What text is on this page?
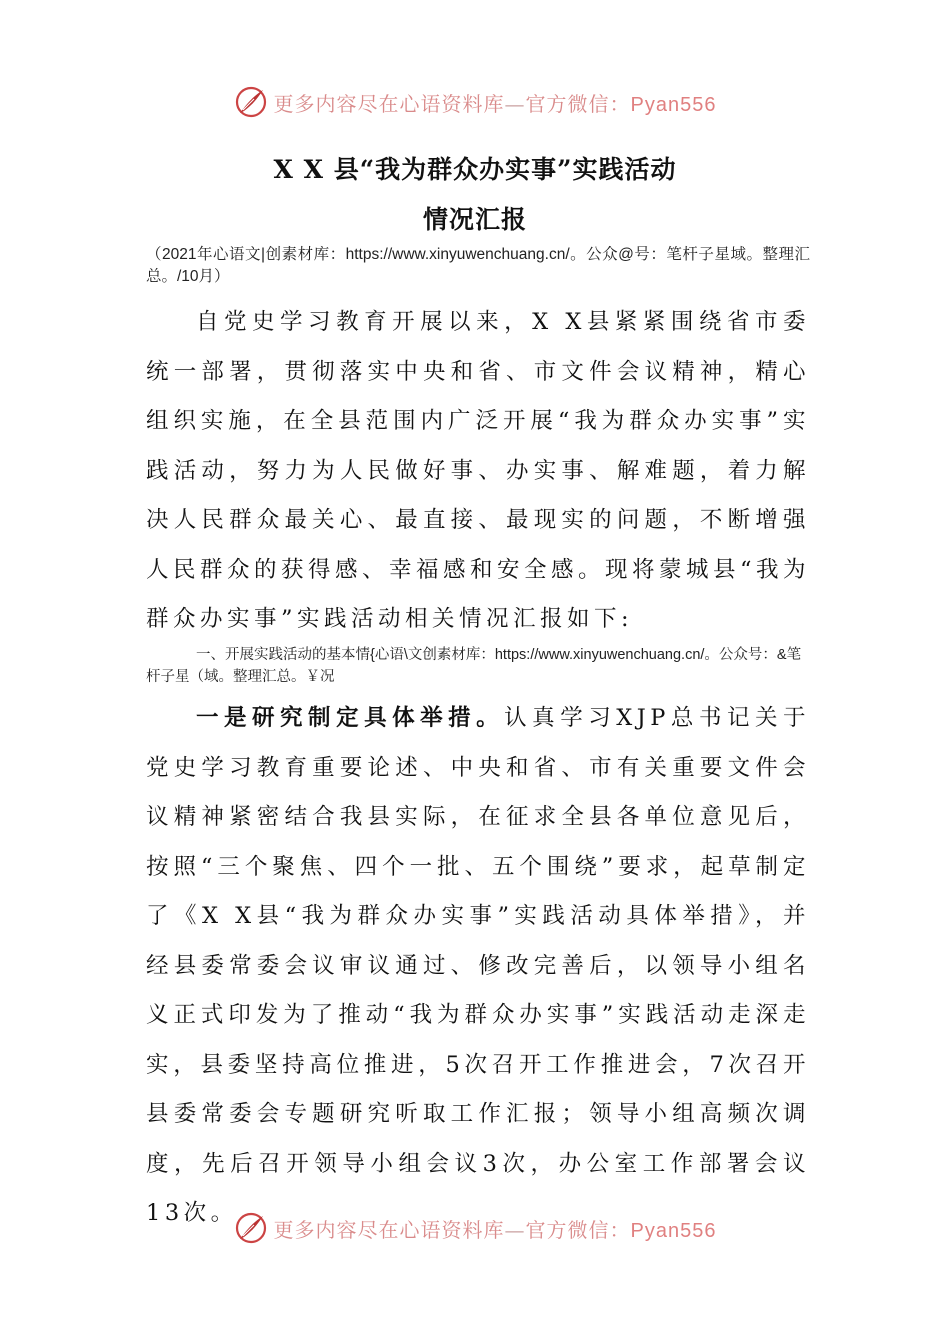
更多内容尽在心语资料库—官方微信：Pyan556
X X 县“我为群众办实事”实践活动
情况汇报
（2021年心语文|创素材库：https://www.xinyuwenchuang.cn/。公众@号：笔杆子星域。整理汇总。/10月）

自党史学习教育开展以来，X X县紧紧围绕省市委统一部署，贯彻落实中央和省、市文件会议精神，精心组织实施，在全县范围内广泛开展“我为群众办实事”实践活动，努力为人民做好事、办实事、解难题，着力解决人民群众最关心、最直接、最现实的问题，不断增强人民群众的获得感、幸福感和安全感。现将蒙城县“我为群众办实事”实践活动相关情况汇报如下:

一、开展实践活动的基本情{心语\文创素材库：https://www.xinyuwenchuang.cn/。公众号：&笔杆子星（域。整理汇总。￥况

一是研究制定具体举措。认真学习XJP总书记关于党史学习教育重要论述、中央和省、市有关重要文件会议精神紧密结合我县实际，在征求全县各单位意见后，按照“三个聚焦、四个一批、五个围绕”要求，起草制定了《X X县“我为群众办实事”实践活动具体举措》，并经县委常委会议审议通过、修改完善后，以领导小组名义正式印发为了推动“我为群众办实事”实践活动走深走实，县委坚持高位推进，5次召开工作推进会，7次召开县委常委会专题研究听取工作汇报；领导小组高频次调度，先后召开领导小组会议3次，办公室工作部署会议13次。

更多内容尽在心语资料库—官方微信：Pyan556
